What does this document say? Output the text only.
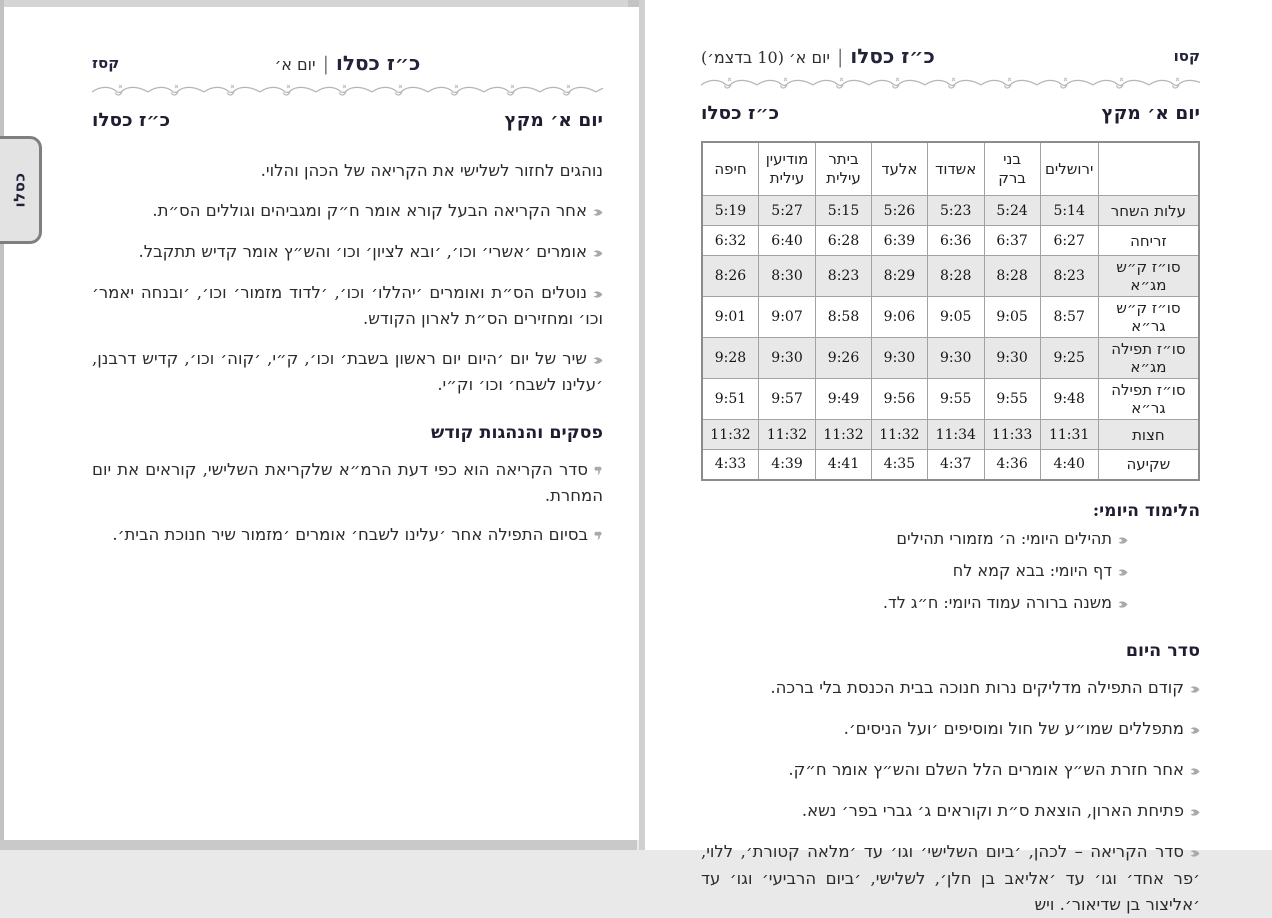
קסו
כ״ז כסלו|יום א׳ (10 בדצמ׳)
יום א׳ מקץ
כ״ז כסלו
	ירושלים	בני ברק	אשדוד	אלעד	ביתר עילית	מודיעין עילית	חיפה
עלות השחר	5:14	5:24	5:23	5:26	5:15	5:27	5:19
זריחה	6:27	6:37	6:36	6:39	6:28	6:40	6:32
סו״ז ק״ש מג״א	8:23	8:28	8:28	8:29	8:23	8:30	8:26
סו״ז ק״ש גר״א	8:57	9:05	9:05	9:06	8:58	9:07	9:01
סו״ז תפילה מג״א	9:25	9:30	9:30	9:30	9:26	9:30	9:28
סו״ז תפילה גר״א	9:48	9:55	9:55	9:56	9:49	9:57	9:51
חצות	11:31	11:33	11:34	11:32	11:32	11:32	11:32
שקיעה	4:40	4:36	4:37	4:35	4:41	4:39	4:33
הלימוד היומי:
תהילים היומי: ה׳ מזמורי תהילים
דף היומי: בבא קמא לח
משנה ברורה עמוד היומי: ח״ג לד.
סדר היום
קודם התפילה מדליקים נרות חנוכה בבית הכנסת בלי ברכה.
מתפללים שמו״ע של חול ומוסיפים ׳ועל הניסים׳.
אחר חזרת הש״ץ אומרים הלל השלם והש״ץ אומר ח״ק.
פתיחת הארון, הוצאת ס״ת וקוראים ג׳ גברי בפר׳ נשא.
סדר הקריאה – לכהן, ׳ביום השלישי׳ וגו׳ עד ׳מלאה קטורת׳, ללוי, ׳פר אחד׳ וגו׳ עד ׳אליאב בן חלן׳, לשלישי, ׳ביום הרביעי׳ וגו׳ עד ׳אליצור בן שדיאור׳. ויש
קסז	כ״ז כסלו|יום א׳
יום א׳ מקץ
כ״ז כסלו
נוהגים לחזור לשלישי את הקריאה של הכהן והלוי.
אחר הקריאה הבעל קורא אומר ח״ק ומגביהים וגוללים הס״ת.
אומרים ׳אשרי׳ וכו׳, ׳ובא לציון׳ וכו׳ והש״ץ אומר קדיש תתקבל.
נוטלים הס״ת ואומרים ׳יהללו׳ וכו׳, ׳לדוד מזמור׳ וכו׳, ׳ובנחה יאמר׳ וכו׳ ומחזירים הס״ת לארון הקודש.
שיר של יום ׳היום יום ראשון בשבת׳ וכו׳, ק״י, ׳קוה׳ וכו׳, קדיש דרבנן, ׳עלינו לשבח׳ וכו׳ וק״י.
פסקים והנהגות קודש
סדר הקריאה הוא כפי דעת הרמ״א שלקריאת השלישי, קוראים את יום המחרת.
בסיום התפילה אחר ׳עלינו לשבח׳ אומרים ׳מזמור שיר חנוכת הבית׳.
כסלו
